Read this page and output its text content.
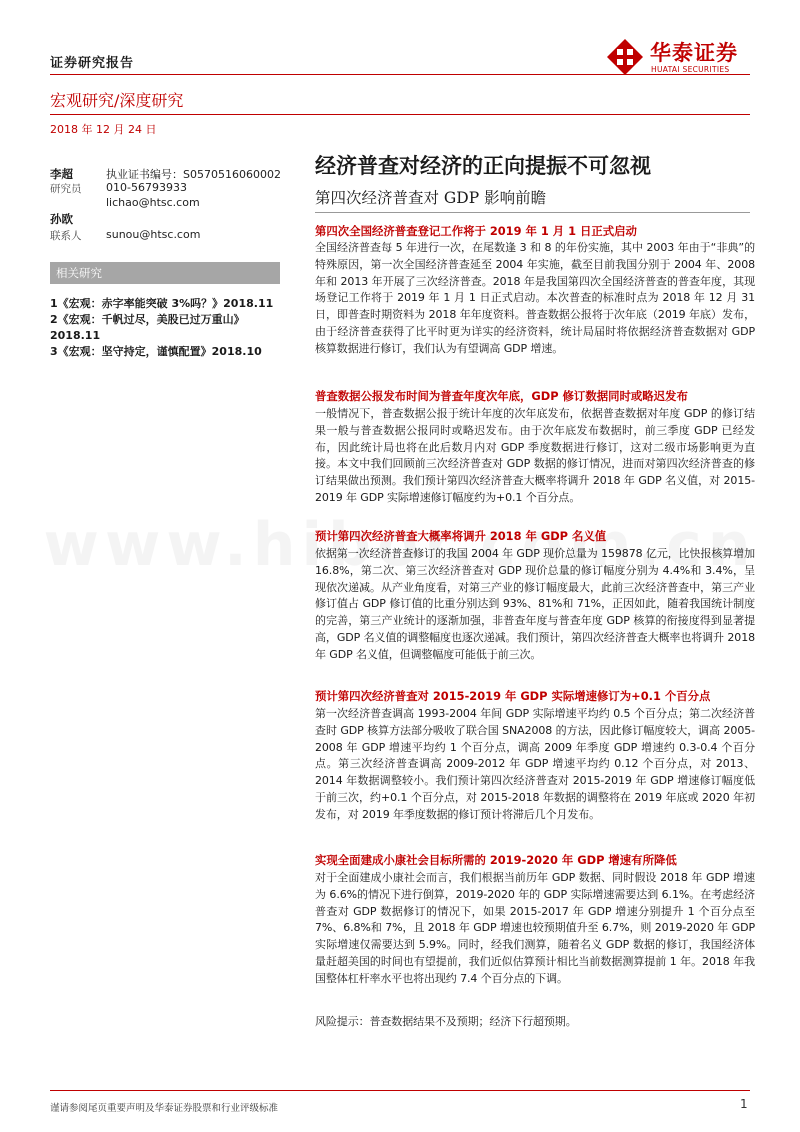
证券研究报告
宏观研究/深度研究
2018 年 12 月 24 日
华泰证券
HUATAI SECURITIES
李超
研究员
执业证书编号：S0570516060002
010-56793933
lichao@htsc.com
孙欧
联系人 sunou@htsc.com
相关研究
1《宏观：赤字率能突破 3%吗？》2018.11
2《宏观：千帆过尽，美股已过万重山》2018.11
3《宏观：坚守持定，谨慎配置》2018.10
经济普查对经济的正向提振不可忽视
第四次经济普查对 GDP 影响前瞻
第四次全国经济普查登记工作将于 2019 年 1 月 1 日正式启动
全国经济普查每 5 年进行一次，在尾数逢 3 和 8 的年份实施，其中 2003 年由于“非典”的特殊原因，第一次全国经济普查延至 2004 年实施，截至目前我国分别于 2004 年、2008 年和 2013 年开展了三次经济普查。2018 年是我国第四次全国经济普查的普查年度，其现场登记工作将于 2019 年 1 月 1 日正式启动。本次普查的标准时点为 2018 年 12 月 31 日，即普查时期资料为 2018 年年度资料。普查数据公报将于次年底（2019 年底）发布，由于经济普查获得了比平时更为详实的经济资料，统计局届时将依据经济普查数据对 GDP 核算数据进行修订，我们认为有望调高 GDP 增速。
普查数据公报发布时间为普查年度次年底，GDP 修订数据同时或略迟发布
一般情况下，普查数据公报于统计年度的次年底发布，依据普查数据对年度 GDP 的修订结果一般与普查数据公报同时或略迟发布。由于次年底发布数据时，前三季度 GDP 已经发布，因此统计局也将在此后数月内对 GDP 季度数据进行修订，这对二级市场影响更为直接。本文中我们回顾前三次经济普查对 GDP 数据的修订情况，进而对第四次经济普查的修订结果做出预测。我们预计第四次经济普查大概率将调升 2018 年 GDP 名义值，对 2015-2019 年 GDP 实际增速修订幅度约为+0.1 个百分点。
预计第四次经济普查大概率将调升 2018 年 GDP 名义值
依据第一次经济普查修订的我国 2004 年 GDP 现价总量为 159878 亿元，比快报核算增加 16.8%，第二次、第三次经济普查对 GDP 现价总量的修订幅度分别为 4.4%和 3.4%，呈现依次递减。从产业角度看，对第三产业的修订幅度最大，此前三次经济普查中，第三产业修订值占 GDP 修订值的比重分别达到 93%、81%和 71%，正因如此，随着我国统计制度的完善，第三产业统计的逐渐加强，非普查年度与普查年度 GDP 核算的衔接度得到显著提高，GDP 名义值的调整幅度也逐次递减。我们预计，第四次经济普查大概率也将调升 2018 年 GDP 名义值，但调整幅度可能低于前三次。
预计第四次经济普查对 2015-2019 年 GDP 实际增速修订为+0.1 个百分点
第一次经济普查调高 1993-2004 年间 GDP 实际增速平均约 0.5 个百分点；第二次经济普查时 GDP 核算方法部分吸收了联合国 SNA2008 的方法，因此修订幅度较大，调高 2005-2008 年 GDP 增速平均约 1 个百分点，调高 2009 年季度 GDP 增速约 0.3-0.4 个百分点。第三次经济普查调高 2009-2012 年 GDP 增速平均约 0.12 个百分点，对 2013、2014 年数据调整较小。我们预计第四次经济普查对 2015-2019 年 GDP 增速修订幅度低于前三次，约+0.1 个百分点，对 2015-2018 年数据的调整将在 2019 年底或 2020 年初发布，对 2019 年季度数据的修订预计将滞后几个月发布。
实现全面建成小康社会目标所需的 2019-2020 年 GDP 增速有所降低
对于全面建成小康社会而言，我们根据当前历年 GDP 数据、同时假设 2018 年 GDP 增速为 6.6%的情况下进行倒算，2019-2020 年的 GDP 实际增速需要达到 6.1%。在考虑经济普查对 GDP 数据修订的情况下，如果 2015-2017 年 GDP 增速分别提升 1 个百分点至 7%、6.8%和 7%，且 2018 年 GDP 增速也较预期值升至 6.7%，则 2019-2020 年 GDP 实际增速仅需要达到 5.9%。同时，经我们测算，随着名义 GDP 数据的修订，我国经济体量赶超美国的时间也有望提前，我们近似估算预计相比当前数据测算提前 1 年。2018 年我国整体杠杆率水平也将出现约 7.4 个百分点的下调。
风险提示：普查数据结果不及预期；经济下行超预期。
谨请参阅尾页重要声明及华泰证券股票和行业评级标准	1
